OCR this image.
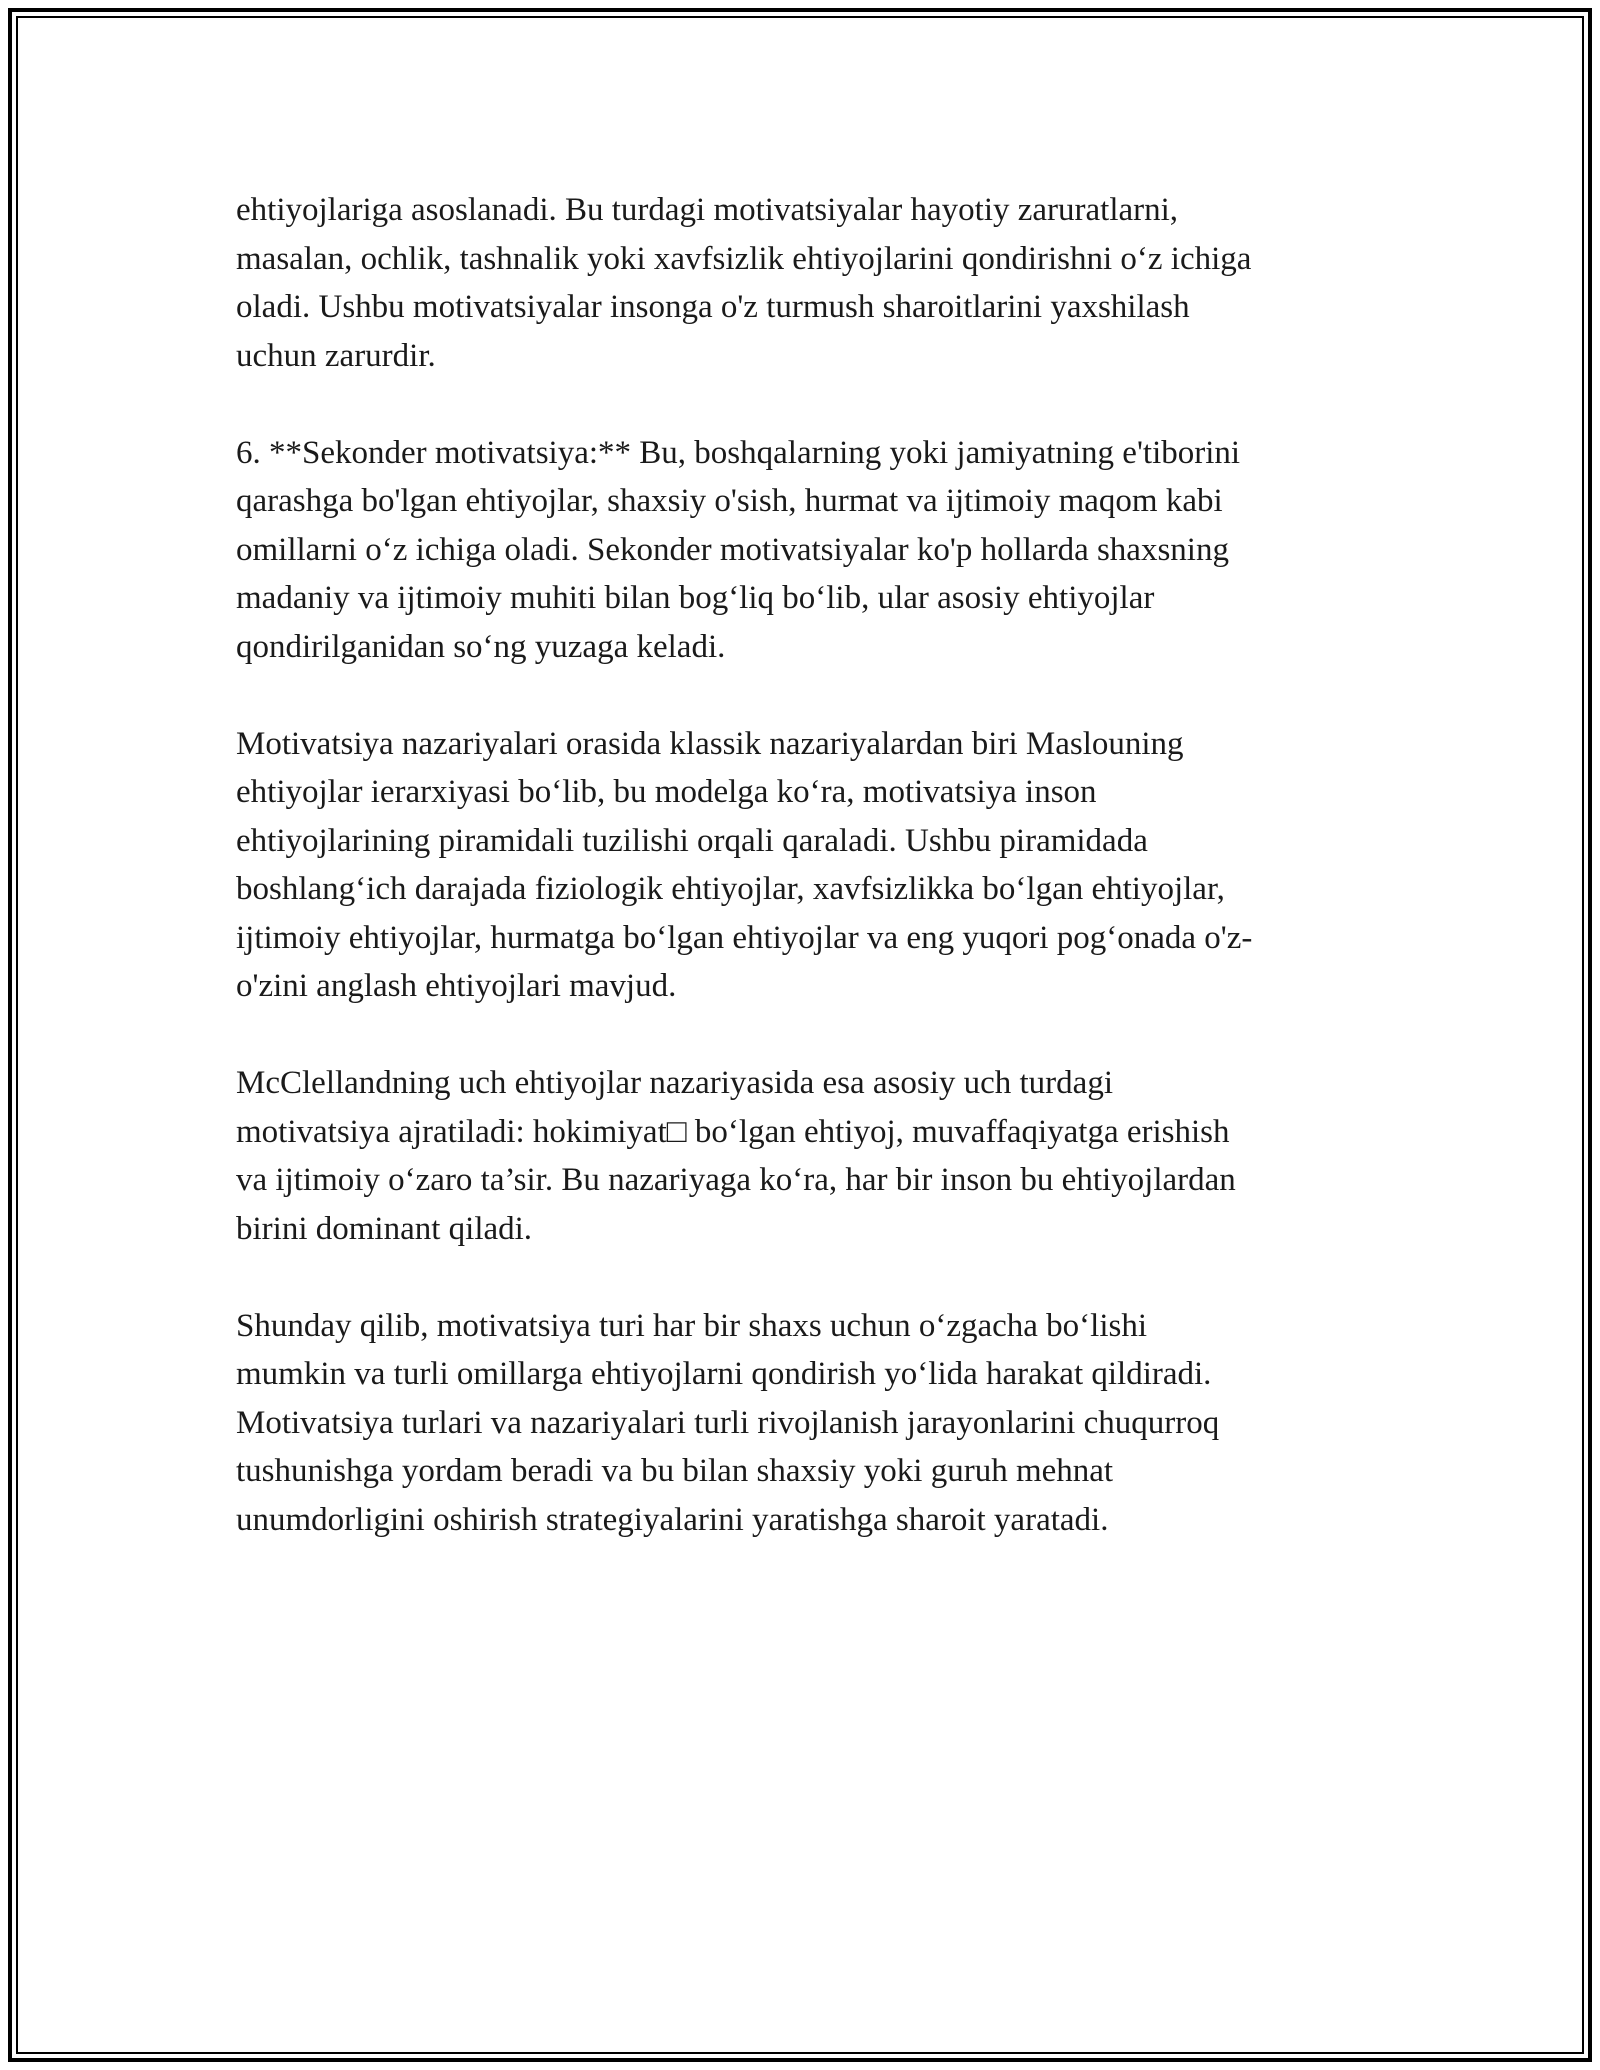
ehtiyojlariga asoslanadi. Bu turdagi motivatsiyalar hayotiy zaruratlarni,
masalan, ochlik, tashnalik yoki xavfsizlik ehtiyojlarini qondirishni o‘z ichiga
oladi. Ushbu motivatsiyalar insonga o'z turmush sharoitlarini yaxshilash
uchun zarurdir.

6. **Sekonder motivatsiya:** Bu, boshqalarning yoki jamiyatning e'tiborini
qarashga bo'lgan ehtiyojlar, shaxsiy o'sish, hurmat va ijtimoiy maqom kabi
omillarni o‘z ichiga oladi. Sekonder motivatsiyalar ko'p hollarda shaxsning
madaniy va ijtimoiy muhiti bilan bog‘liq bo‘lib, ular asosiy ehtiyojlar
qondirilganidan so‘ng yuzaga keladi.

Motivatsiya nazariyalari orasida klassik nazariyalardan biri Maslouning
ehtiyojlar ierarxiyasi bo‘lib, bu modelga ko‘ra, motivatsiya inson
ehtiyojlarining piramidali tuzilishi orqali qaraladi. Ushbu piramidada
boshlang‘ich darajada fiziologik ehtiyojlar, xavfsizlikka bo‘lgan ehtiyojlar,
ijtimoiy ehtiyojlar, hurmatga bo‘lgan ehtiyojlar va eng yuqori pog‘onada o'z-
o'zini anglash ehtiyojlari mavjud.

McClellandning uch ehtiyojlar nazariyasida esa asosiy uch turdagi
motivatsiya ajratiladi: hokimiyat□ bo‘lgan ehtiyoj, muvaffaqiyatga erishish
va ijtimoiy o‘zaro ta’sir. Bu nazariyaga ko‘ra, har bir inson bu ehtiyojlardan
birini dominant qiladi.

Shunday qilib, motivatsiya turi har bir shaxs uchun o‘zgacha bo‘lishi
mumkin va turli omillarga ehtiyojlarni qondirish yo‘lida harakat qildiradi.
Motivatsiya turlari va nazariyalari turli rivojlanish jarayonlarini chuqurroq
tushunishga yordam beradi va bu bilan shaxsiy yoki guruh mehnat
unumdorligini oshirish strategiyalarini yaratishga sharoit yaratadi.
